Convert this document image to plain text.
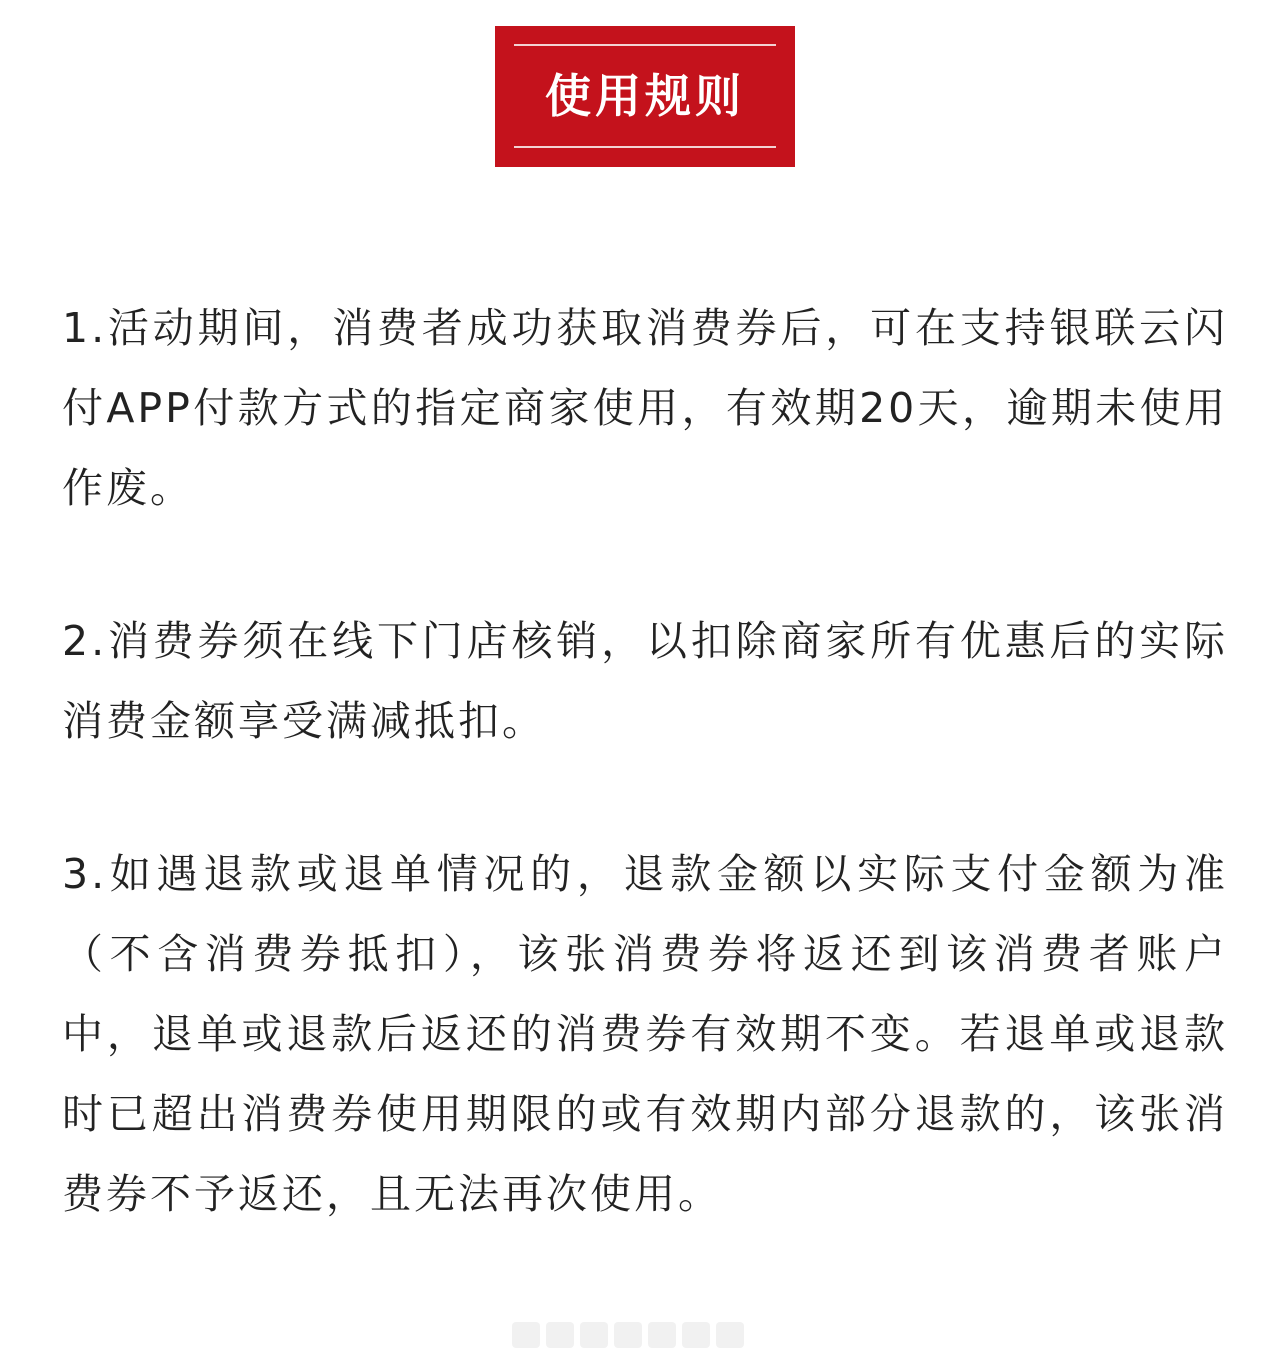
使用规则

1.活动期间，消费者成功获取消费券后，可在支持银联云闪付APP付款方式的指定商家使用，有效期20天，逾期未使用作废。

2.消费券须在线下门店核销，以扣除商家所有优惠后的实际消费金额享受满减抵扣。

3.如遇退款或退单情况的，退款金额以实际支付金额为准（不含消费券抵扣），该张消费券将返还到该消费者账户中，退单或退款后返还的消费券有效期不变。若退单或退款时已超出消费券使用期限的或有效期内部分退款的，该张消费券不予返还，且无法再次使用。
